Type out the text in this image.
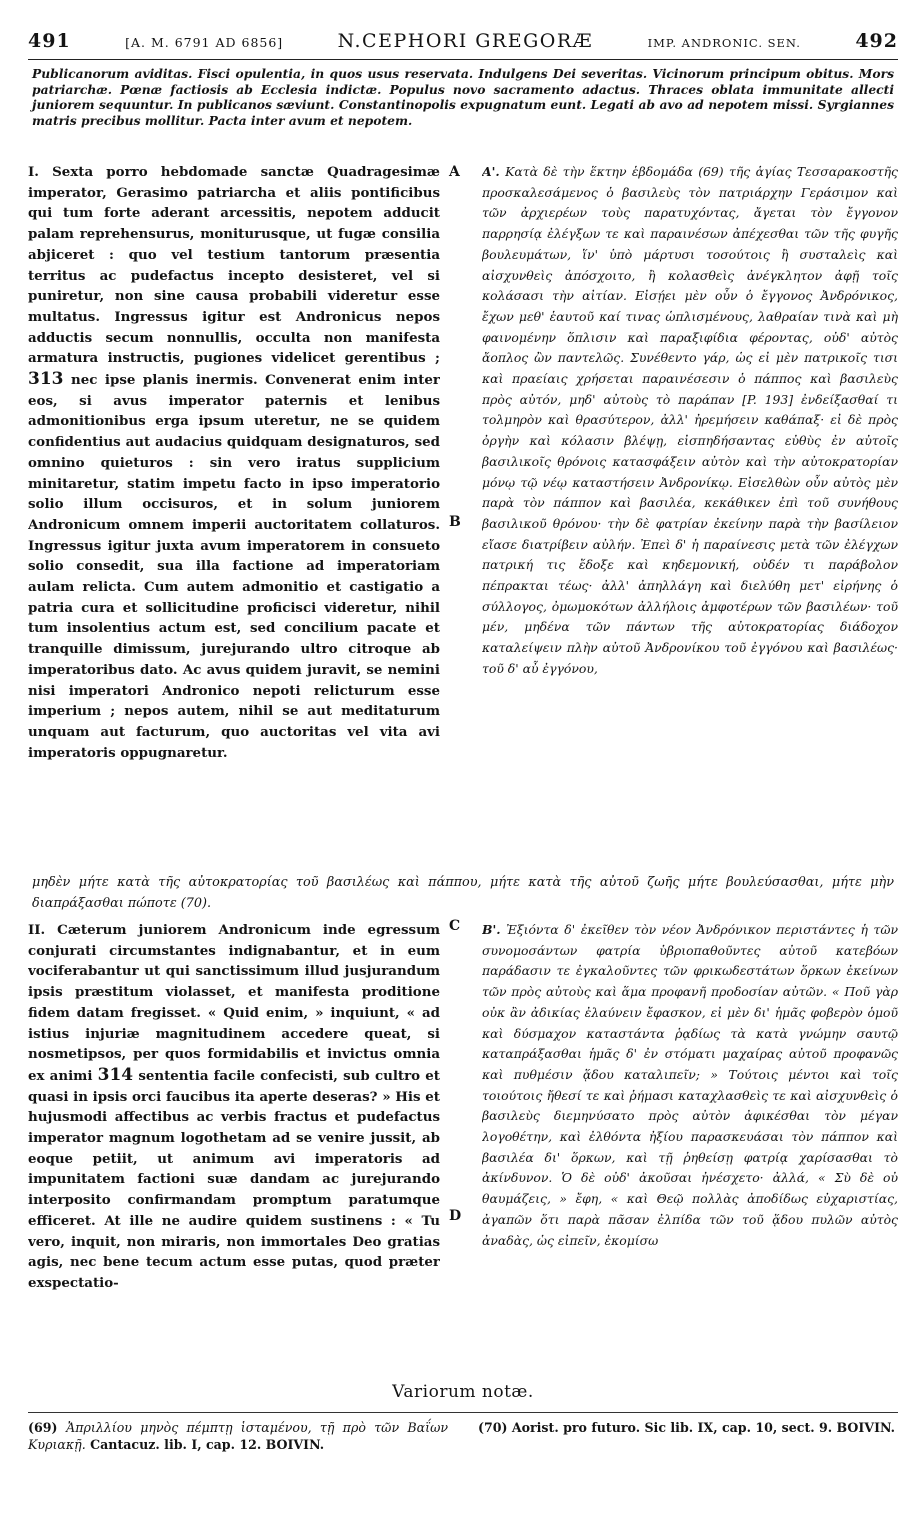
491	[A. M. 6791 AD 6856]	N.CEPHORI GREGORÆ	IMP. ANDRONIC. SEN.	492

Publicanorum aviditas. Fisci opulentia, in quos usus reservata. Indulgens Dei severitas. Vicinorum principum obitus. Mors patriarchæ. Pœnæ factiosis ab Ecclesia indictæ. Populus novo sacramento adactus. Thraces oblata immunitate allecti juniorem sequuntur. In publicanos sæviunt. Constantinopolis expugnatum eunt. Legati ab avo ad nepotem missi. Syrgiannes matris precibus mollitur. Pacta inter avum et nepotem.

I. Sexta porro hebdomade sanctæ Quadragesimæ imperator, Gerasimo patriarcha et aliis pontificibus qui tum forte aderant arcessitis, nepotem adducit palam reprehensurus, moniturusque, ut fugæ consilia abjiceret : quo vel testium tantorum præsentia territus ac pudefactus incepto desisteret, vel si puniretur, non sine causa probabili videretur esse multatus. Ingressus igitur est Andronicus nepos adductis secum nonnullis, occulta non manifesta armatura instructis, pugiones videlicet gerentibus ; 313 nec ipse planis inermis. Convenerat enim inter eos, si avus imperator paternis et lenibus admonitionibus erga ipsum uteretur, ne se quidem confidentius aut audacius quidquam designaturos, sed omnino quieturos : sin vero iratus supplicium minitaretur, statim impetu facto in ipso imperatorio solio illum occisuros, et in solum juniorem Andronicum omnem imperii auctoritatem collaturos. Ingressus igitur juxta avum imperatorem in consueto solio consedit, sua illa factione ad imperatoriam aulam relicta. Cum autem admonitio et castigatio a patria cura et sollicitudine proficisci videretur, nihil tum insolentius actum est, sed concilium pacate et tranquille dimissum, jurejurando ultro citroque ab imperatoribus dato. Ac avus quidem juravit, se nemini nisi imperatori Andronico nepoti relicturum esse imperium ; nepos autem, nihil se aut meditaturum unquam aut facturum, quo auctoritas vel vita avi imperatoris oppugnaretur.
A
B
Α'. Κατὰ δὲ τὴν ἕκτην ἑβδομάδα (69) τῆς ἁγίας Τεσσαρακοστῆς προσκαλεσάμενος ὁ βασιλεὺς τὸν πατριάρχην Γεράσιμον καὶ τῶν ἀρχιερέων τοὺς παρατυχόντας, ἄγεται τὸν ἔγγονον παρρησίᾳ ἐλέγξων τε καὶ παραινέσων ἀπέχεσθαι τῶν τῆς φυγῆς βουλευμάτων, ἵν' ὑπὸ μάρτυσι τοσούτοις ἢ συσταλεὶς καὶ αἰσχυνθεὶς ἀπόσχοιτο, ἢ κολασθεὶς ἀνέγκλητον ἀφῇ τοῖς κολάσασι τὴν αἰτίαν. Εἰσῄει μὲν οὖν ὁ ἔγγονος Ἀνδρόνικος, ἔχων μεθ' ἑαυτοῦ καί τινας ὡπλισμένους, λαθραίαν τινὰ καὶ μὴ φαινομένην ὅπλισιν καὶ παραξιφίδια φέροντας, οὐδ' αὐτὸς ἄοπλος ὢν παντελῶς. Συνέθεντο γάρ, ὡς εἰ μὲν πατρικοῖς τισι καὶ πραείαις χρήσεται παραινέσεσιν ὁ πάππος καὶ βασιλεὺς πρὸς αὐτόν, μηδ' αὐτοὺς τὸ παράπαν [P. 193] ἐνδείξασθαί τι τολμηρὸν καὶ θρασύτερον, ἀλλ' ἠρεμήσειν καθάπαξ· εἰ δὲ πρὸς ὀργὴν καὶ κόλασιν βλέψῃ, εἰσπηδήσαντας εὐθὺς ἐν αὐτοῖς βασιλικοῖς θρόνοις κατασφάξειν αὐτὸν καὶ τὴν αὐτοκρατορίαν μόνῳ τῷ νέῳ καταστήσειν Ἀνδρονίκῳ. Εἰσελθὼν οὖν αὐτὸς μὲν παρὰ τὸν πάππον καὶ βασιλέα, κεκάθικεν ἐπὶ τοῦ συνήθους βασιλικοῦ θρόνου· τὴν δὲ φατρίαν ἐκείνην παρὰ τὴν βασίλειον εἴασε διατρίβειν αὐλήν. Ἐπεὶ δ' ἡ παραίνεσις μετὰ τῶν ἐλέγχων πατρική τις ἔδοξε καὶ κηδεμονική, οὐδέν τι παράβολον πέπρακται τέως· ἀλλ' ἀπηλλάγη καὶ διελύθη μετ' εἰρήνης ὁ σύλλογος, ὀμωμοκότων ἀλλήλοις ἀμφοτέρων τῶν βασιλέων· τοῦ μέν, μηδένα τῶν πάντων τῆς αὐτοκρατορίας διάδοχον καταλείψειν πλὴν αὐτοῦ Ἀνδρονίκου τοῦ ἐγγόνου καὶ βασιλέως· τοῦ δ' αὖ ἐγγόνου,

μηδὲν μήτε κατὰ τῆς αὐτοκρατορίας τοῦ βασιλέως καὶ πάππου, μήτε κατὰ τῆς αὐτοῦ ζωῆς μήτε βουλεύσασθαι, μήτε μὴν διαπράξασθαι πώποτε (70).

II. Cæterum juniorem Andronicum inde egressum conjurati circumstantes indignabantur, et in eum vociferabantur ut qui sanctissimum illud jusjurandum ipsis præstitum violasset, et manifesta proditione fidem datam fregisset. « Quid enim, » inquiunt, « ad istius injuriæ magnitudinem accedere queat, si nosmetipsos, per quos formidabilis et invictus omnia ex animi 314 sententia facile confecisti, sub cultro et quasi in ipsis orci faucibus ita aperte deseras? » His et hujusmodi affectibus ac verbis fractus et pudefactus imperator magnum logothetam ad se venire jussit, ab eoque petiit, ut animum avi imperatoris ad impunitatem factioni suæ dandam ac jurejurando interposito confirmandam promptum paratumque efficeret. At ille ne audire quidem sustinens : « Tu vero, inquit, non miraris, non immortales Deo gratias agis, nec bene tecum actum esse putas, quod præter exspectatio-
C
D
Β'. Ἐξιόντα δ' ἐκεῖθεν τὸν νέον Ἀνδρόνικον περιστάντες ἡ τῶν συνομοσάντων φατρία ὑβριοπαθοῦντες αὐτοῦ κατεβόων παράδασιν τε ἐγκαλοῦντες τῶν φρικωδεστάτων ὅρκων ἐκείνων τῶν πρὸς αὐτοὺς καὶ ἅμα προφανῆ προδοσίαν αὐτῶν. « Ποῦ γὰρ οὐκ ἂν ἀδικίας ἐλαύνειν ἔφασκον, εἰ μὲν δι' ἡμᾶς φοβερὸν ὁμοῦ καὶ δύσμαχον καταστάντα ῥᾳδίως τὰ κατὰ γνώμην σαυτῷ καταπράξασθαι ἡμᾶς δ' ἐν στόματι μαχαίρας αὐτοῦ προφανῶς καὶ πυθμέσιν ᾅδου καταλιπεῖν; » Τούτοις μέντοι καὶ τοῖς τοιούτοις ἤθεσί τε καὶ ῥήμασι καταχλασθεὶς τε καὶ αἰσχυνθεὶς ὁ βασιλεὺς διεμηνύσατο πρὸς αὐτὸν ἀφικέσθαι τὸν μέγαν λογοθέτην, καὶ ἐλθόντα ἠξίου παρασκευάσαι τὸν πάππον καὶ βασιλέα δι' ὅρκων, καὶ τῇ ῥηθείσῃ φατρίᾳ χαρίσασθαι τὸ ἀκίνδυνον. Ὁ δὲ οὐδ' ἀκοῦσαι ἠνέσχετο· ἀλλά, « Σὺ δὲ οὐ θαυμάζεις, » ἔφη, « καὶ Θεῷ πολλὰς ἀποδίδως εὐχαριστίας, ἀγαπῶν ὅτι παρὰ πᾶσαν ἐλπίδα τῶν τοῦ ᾅδου πυλῶν αὐτὸς ἀναδὰς, ὡς εἰπεῖν, ἐκομίσω
Variorum notæ.

(69) Ἀπριλλίου μηνὸς πέμπτῃ ἱσταμένου, τῇ πρὸ τῶν Βαΐων Κυριακῇ. Cantacuz. lib. I, cap. 12. BOIVIN.

(70) Aorist. pro futuro. Sic lib. IX, cap. 10, sect. 9. BOIVIN.
